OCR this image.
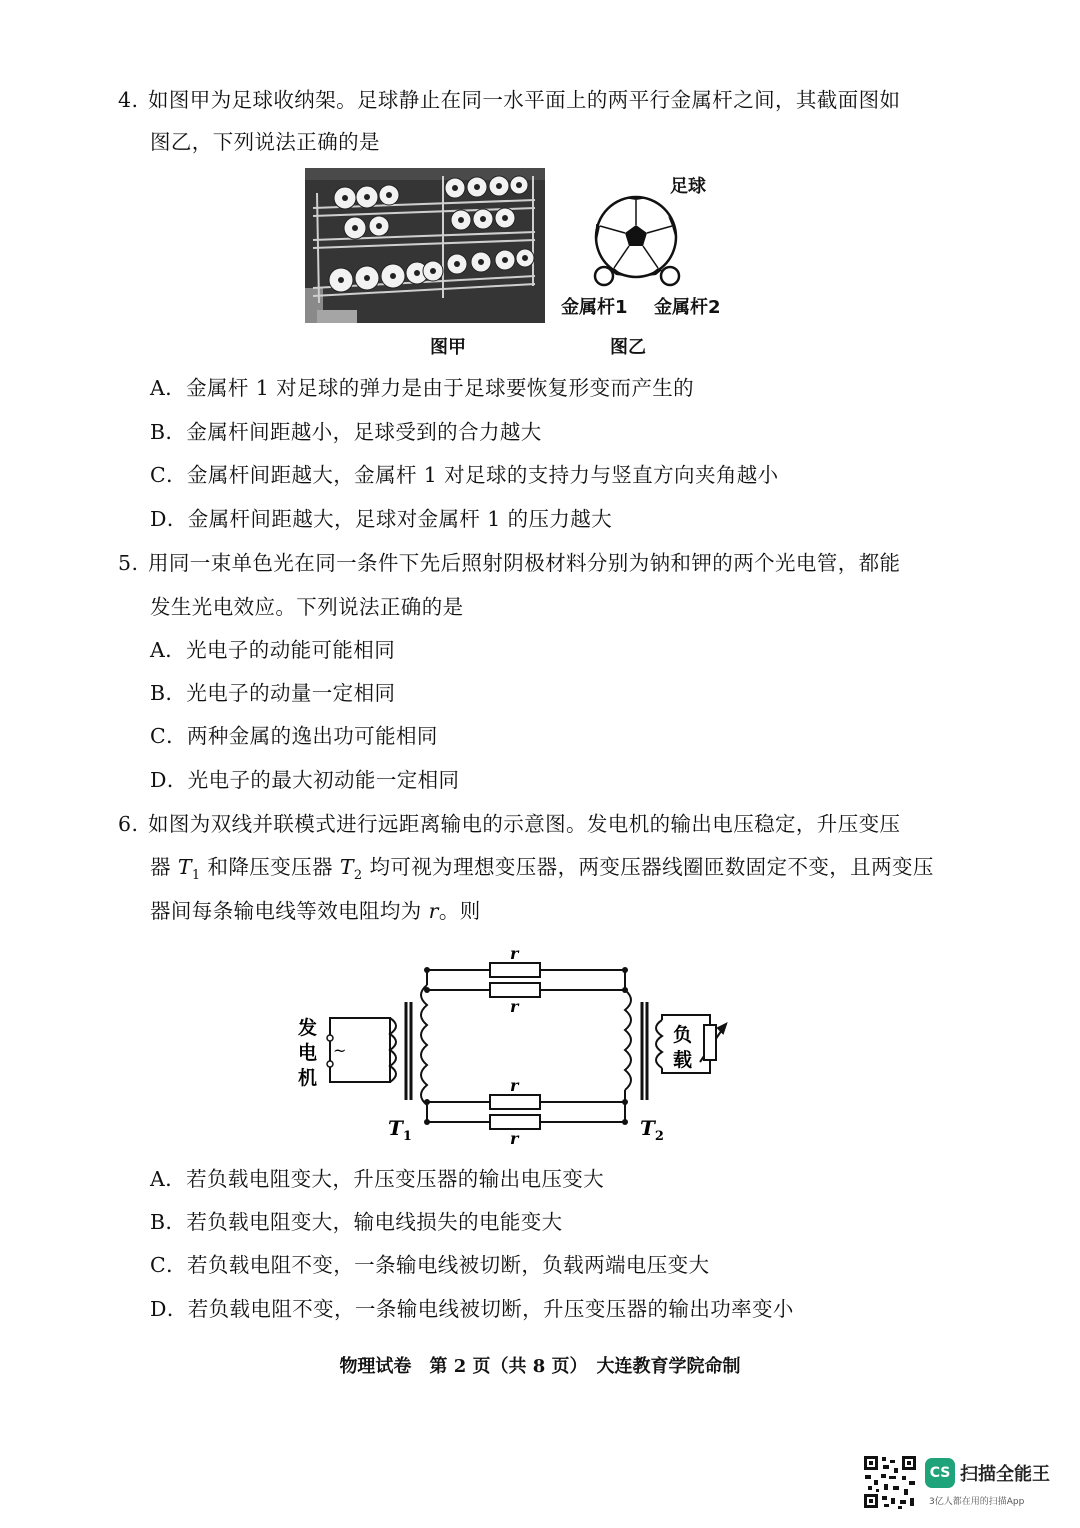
4. 如图甲为足球收纳架。足球静止在同一水平面上的两平行金属杆之间，其截面图如
图乙，下列说法正确的是
足球
金属杆1 金属杆2
图甲	图乙
A．金属杆 1 对足球的弹力是由于足球要恢复形变而产生的
B．金属杆间距越小，足球受到的合力越大
C．金属杆间距越大，金属杆 1 对足球的支持力与竖直方向夹角越小
D．金属杆间距越大，足球对金属杆 1 的压力越大
5. 用同一束单色光在同一条件下先后照射阴极材料分别为钠和钾的两个光电管，都能
发生光电效应。下列说法正确的是
A．光电子的动能可能相同
B．光电子的动量一定相同
C．两种金属的逸出功可能相同
D．光电子的最大初动能一定相同
6. 如图为双线并联模式进行远距离输电的示意图。发电机的输出电压稳定，升压变压
器 $T_1$ 和降压变压器 $T_2$ 均可视为理想变压器，两变压器线圈匝数固定不变，且两变压
器间每条输电线等效电阻均为 r。则
~
发
电
机
负
载
r
r
r
r
$T_1$	$T_2$
A．若负载电阻变大，升压变压器的输出电压变大
B．若负载电阻变大，输电线损失的电能变大
C．若负载电阻不变，一条输电线被切断，负载两端电压变大
D．若负载电阻不变，一条输电线被切断，升压变压器的输出功率变小
物理试卷　第 2 页（共 8 页）　大连教育学院命制
CS 扫描全能王
3亿人都在用的扫描App
